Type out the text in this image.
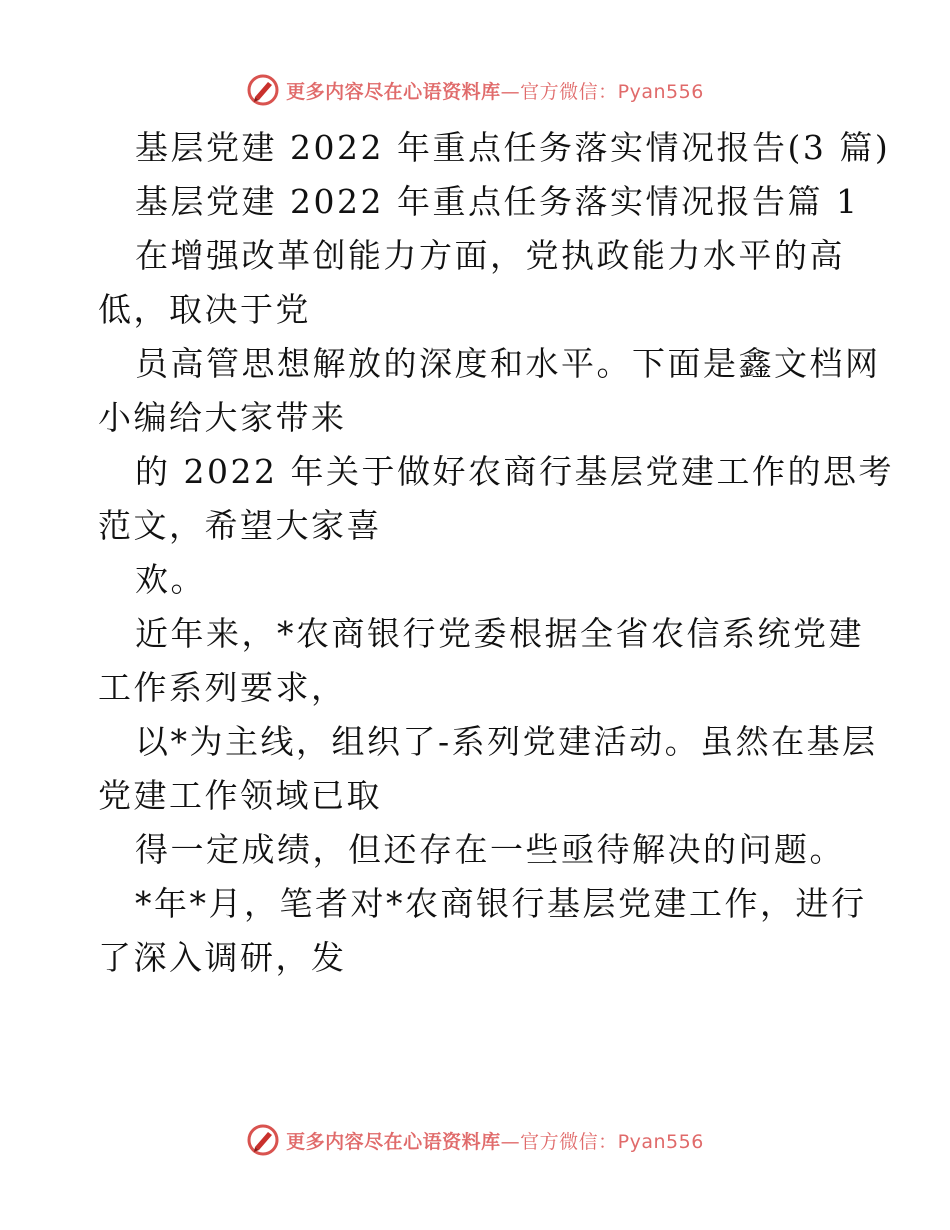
更多内容尽在心语资料库—官方微信：Pyan556
基层党建 2022 年重点任务落实情况报告(3 篇)
基层党建 2022 年重点任务落实情况报告篇 1
在增强改革创能力方面，党执政能力水平的高
低，取决于党
员高管思想解放的深度和水平。下面是鑫文档网
小编给大家带来
的 2022 年关于做好农商行基层党建工作的思考
范文，希望大家喜
欢。
近年来，*农商银行党委根据全省农信系统党建
工作系列要求，
以*为主线，组织了-系列党建活动。虽然在基层
党建工作领域已取
得一定成绩，但还存在一些亟待解决的问题。
*年*月，笔者对*农商银行基层党建工作，进行
了深入调研，发
更多内容尽在心语资料库—官方微信：Pyan556
